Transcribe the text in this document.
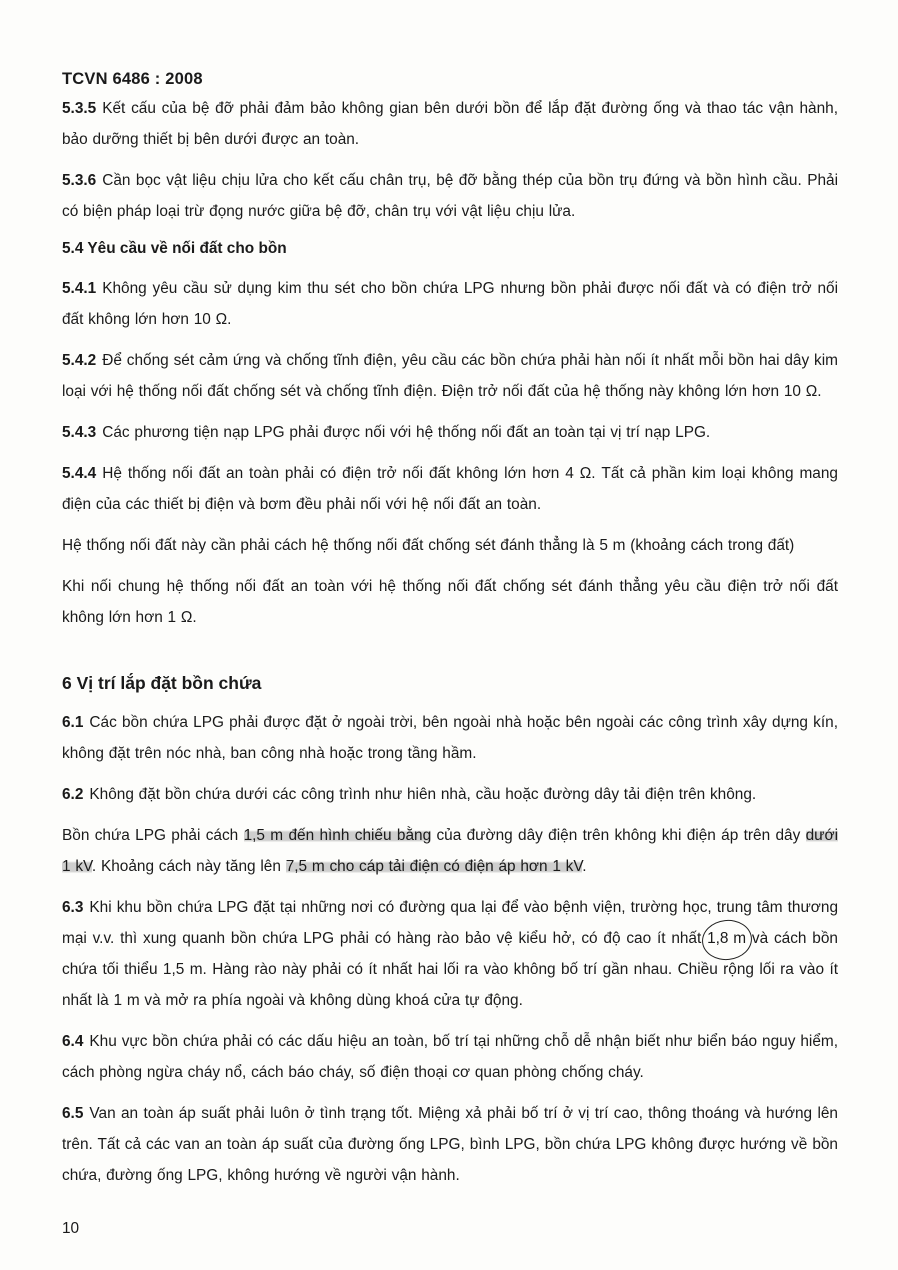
TCVN 6486 : 2008

5.3.5 Kết cấu của bệ đỡ phải đảm bảo không gian bên dưới bồn để lắp đặt đường ống và thao tác vận hành, bảo dưỡng thiết bị bên dưới được an toàn.

5.3.6 Cần bọc vật liệu chịu lửa cho kết cấu chân trụ, bệ đỡ bằng thép của bồn trụ đứng và bồn hình cầu. Phải có biện pháp loại trừ đọng nước giữa bệ đỡ, chân trụ với vật liệu chịu lửa.

5.4 Yêu cầu về nối đất cho bồn

5.4.1 Không yêu cầu sử dụng kim thu sét cho bồn chứa LPG nhưng bồn phải được nối đất và có điện trở nối đất không lớn hơn 10 Ω.

5.4.2 Để chống sét cảm ứng và chống tĩnh điện, yêu cầu các bồn chứa phải hàn nối ít nhất mỗi bồn hai dây kim loại với hệ thống nối đất chống sét và chống tĩnh điện. Điện trở nối đất của hệ thống này không lớn hơn 10 Ω.

5.4.3 Các phương tiện nạp LPG phải được nối với hệ thống nối đất an toàn tại vị trí nạp LPG.

5.4.4 Hệ thống nối đất an toàn phải có điện trở nối đất không lớn hơn 4 Ω. Tất cả phần kim loại không mang điện của các thiết bị điện và bơm đều phải nối với hệ nối đất an toàn.

Hệ thống nối đất này cần phải cách hệ thống nối đất chống sét đánh thẳng là 5 m (khoảng cách trong đất)

Khi nối chung hệ thống nối đất an toàn với hệ thống nối đất chống sét đánh thẳng yêu cầu điện trở nối đất không lớn hơn 1 Ω.

6 Vị trí lắp đặt bồn chứa

6.1 Các bồn chứa LPG phải được đặt ở ngoài trời, bên ngoài nhà hoặc bên ngoài các công trình xây dựng kín, không đặt trên nóc nhà, ban công nhà hoặc trong tầng hầm.

6.2 Không đặt bồn chứa dưới các công trình như hiên nhà, cầu hoặc đường dây tải điện trên không.

Bồn chứa LPG phải cách 1,5 m đến hình chiếu bằng của đường dây điện trên không khi điện áp trên dây dưới 1 kV. Khoảng cách này tăng lên 7,5 m cho cáp tải điện có điện áp hơn 1 kV.

6.3 Khi khu bồn chứa LPG đặt tại những nơi có đường qua lại để vào bệnh viện, trường học, trung tâm thương mại v.v. thì xung quanh bồn chứa LPG phải có hàng rào bảo vệ kiểu hở, có độ cao ít nhất 1,8 m và cách bồn chứa tối thiểu 1,5 m. Hàng rào này phải có ít nhất hai lối ra vào không bố trí gần nhau. Chiều rộng lối ra vào ít nhất là 1 m và mở ra phía ngoài và không dùng khoá cửa tự động.

6.4 Khu vực bồn chứa phải có các dấu hiệu an toàn, bố trí tại những chỗ dễ nhận biết như biển báo nguy hiểm, cách phòng ngừa cháy nổ, cách báo cháy, số điện thoại cơ quan phòng chống cháy.

6.5 Van an toàn áp suất phải luôn ở tình trạng tốt. Miệng xả phải bố trí ở vị trí cao, thông thoáng và hướng lên trên. Tất cả các van an toàn áp suất của đường ống LPG, bình LPG, bồn chứa LPG không được hướng về bồn chứa, đường ống LPG, không hướng về người vận hành.

10
